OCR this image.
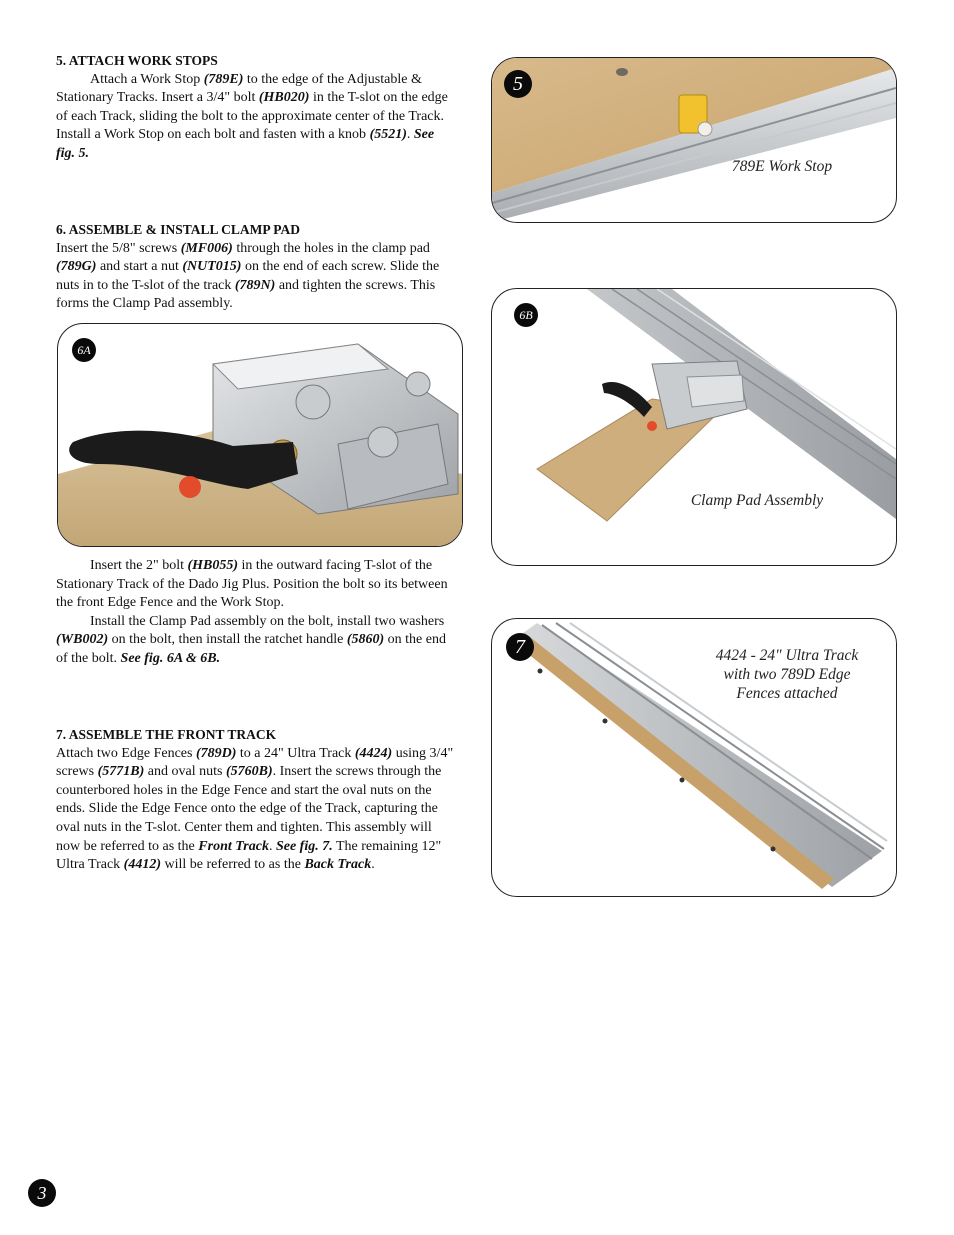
5. ATTACH WORK STOPS

Attach a Work Stop (789E) to the edge of the Adjustable & Stationary Tracks. Insert a 3/4" bolt (HB020) in the T-slot on the edge of each Track, sliding the bolt to the approximate center of the Track. Install a Work Stop on each bolt and fasten with a knob (5521). See fig. 5.

6. ASSEMBLE & INSTALL CLAMP PAD

Insert the 5/8" screws (MF006) through the holes in the clamp pad (789G) and start a nut (NUT015) on the end of each screw. Slide the nuts in to the T-slot of the track (789N) and tighten the screws. This forms the Clamp Pad assembly.

6A

Insert the 2" bolt (HB055) in the outward facing T-slot of the Stationary Track of the Dado Jig Plus. Position the bolt so its between the front Edge Fence and the Work Stop.

Install the Clamp Pad assembly on the bolt, install two washers (WB002) on the bolt, then install the ratchet handle (5860) on the end of the bolt. See fig. 6A & 6B.

7. ASSEMBLE THE FRONT TRACK

Attach two Edge Fences (789D) to a 24" Ultra Track (4424) using 3/4" screws (5771B) and oval nuts (5760B). Insert the screws through the counterbored holes in the Edge Fence and start the oval nuts on the ends. Slide the Edge Fence onto the edge of the Track, capturing the oval nuts in the T-slot. Center them and tighten. This assembly will now be referred to as the Front Track. See fig. 7. The remaining 12" Ultra Track (4412) will be referred to as the Back Track.

5
789E Work Stop
6B
Clamp Pad Assembly
7	4424 - 24" Ultra Track
with two 789D Edge
Fences attached
3
